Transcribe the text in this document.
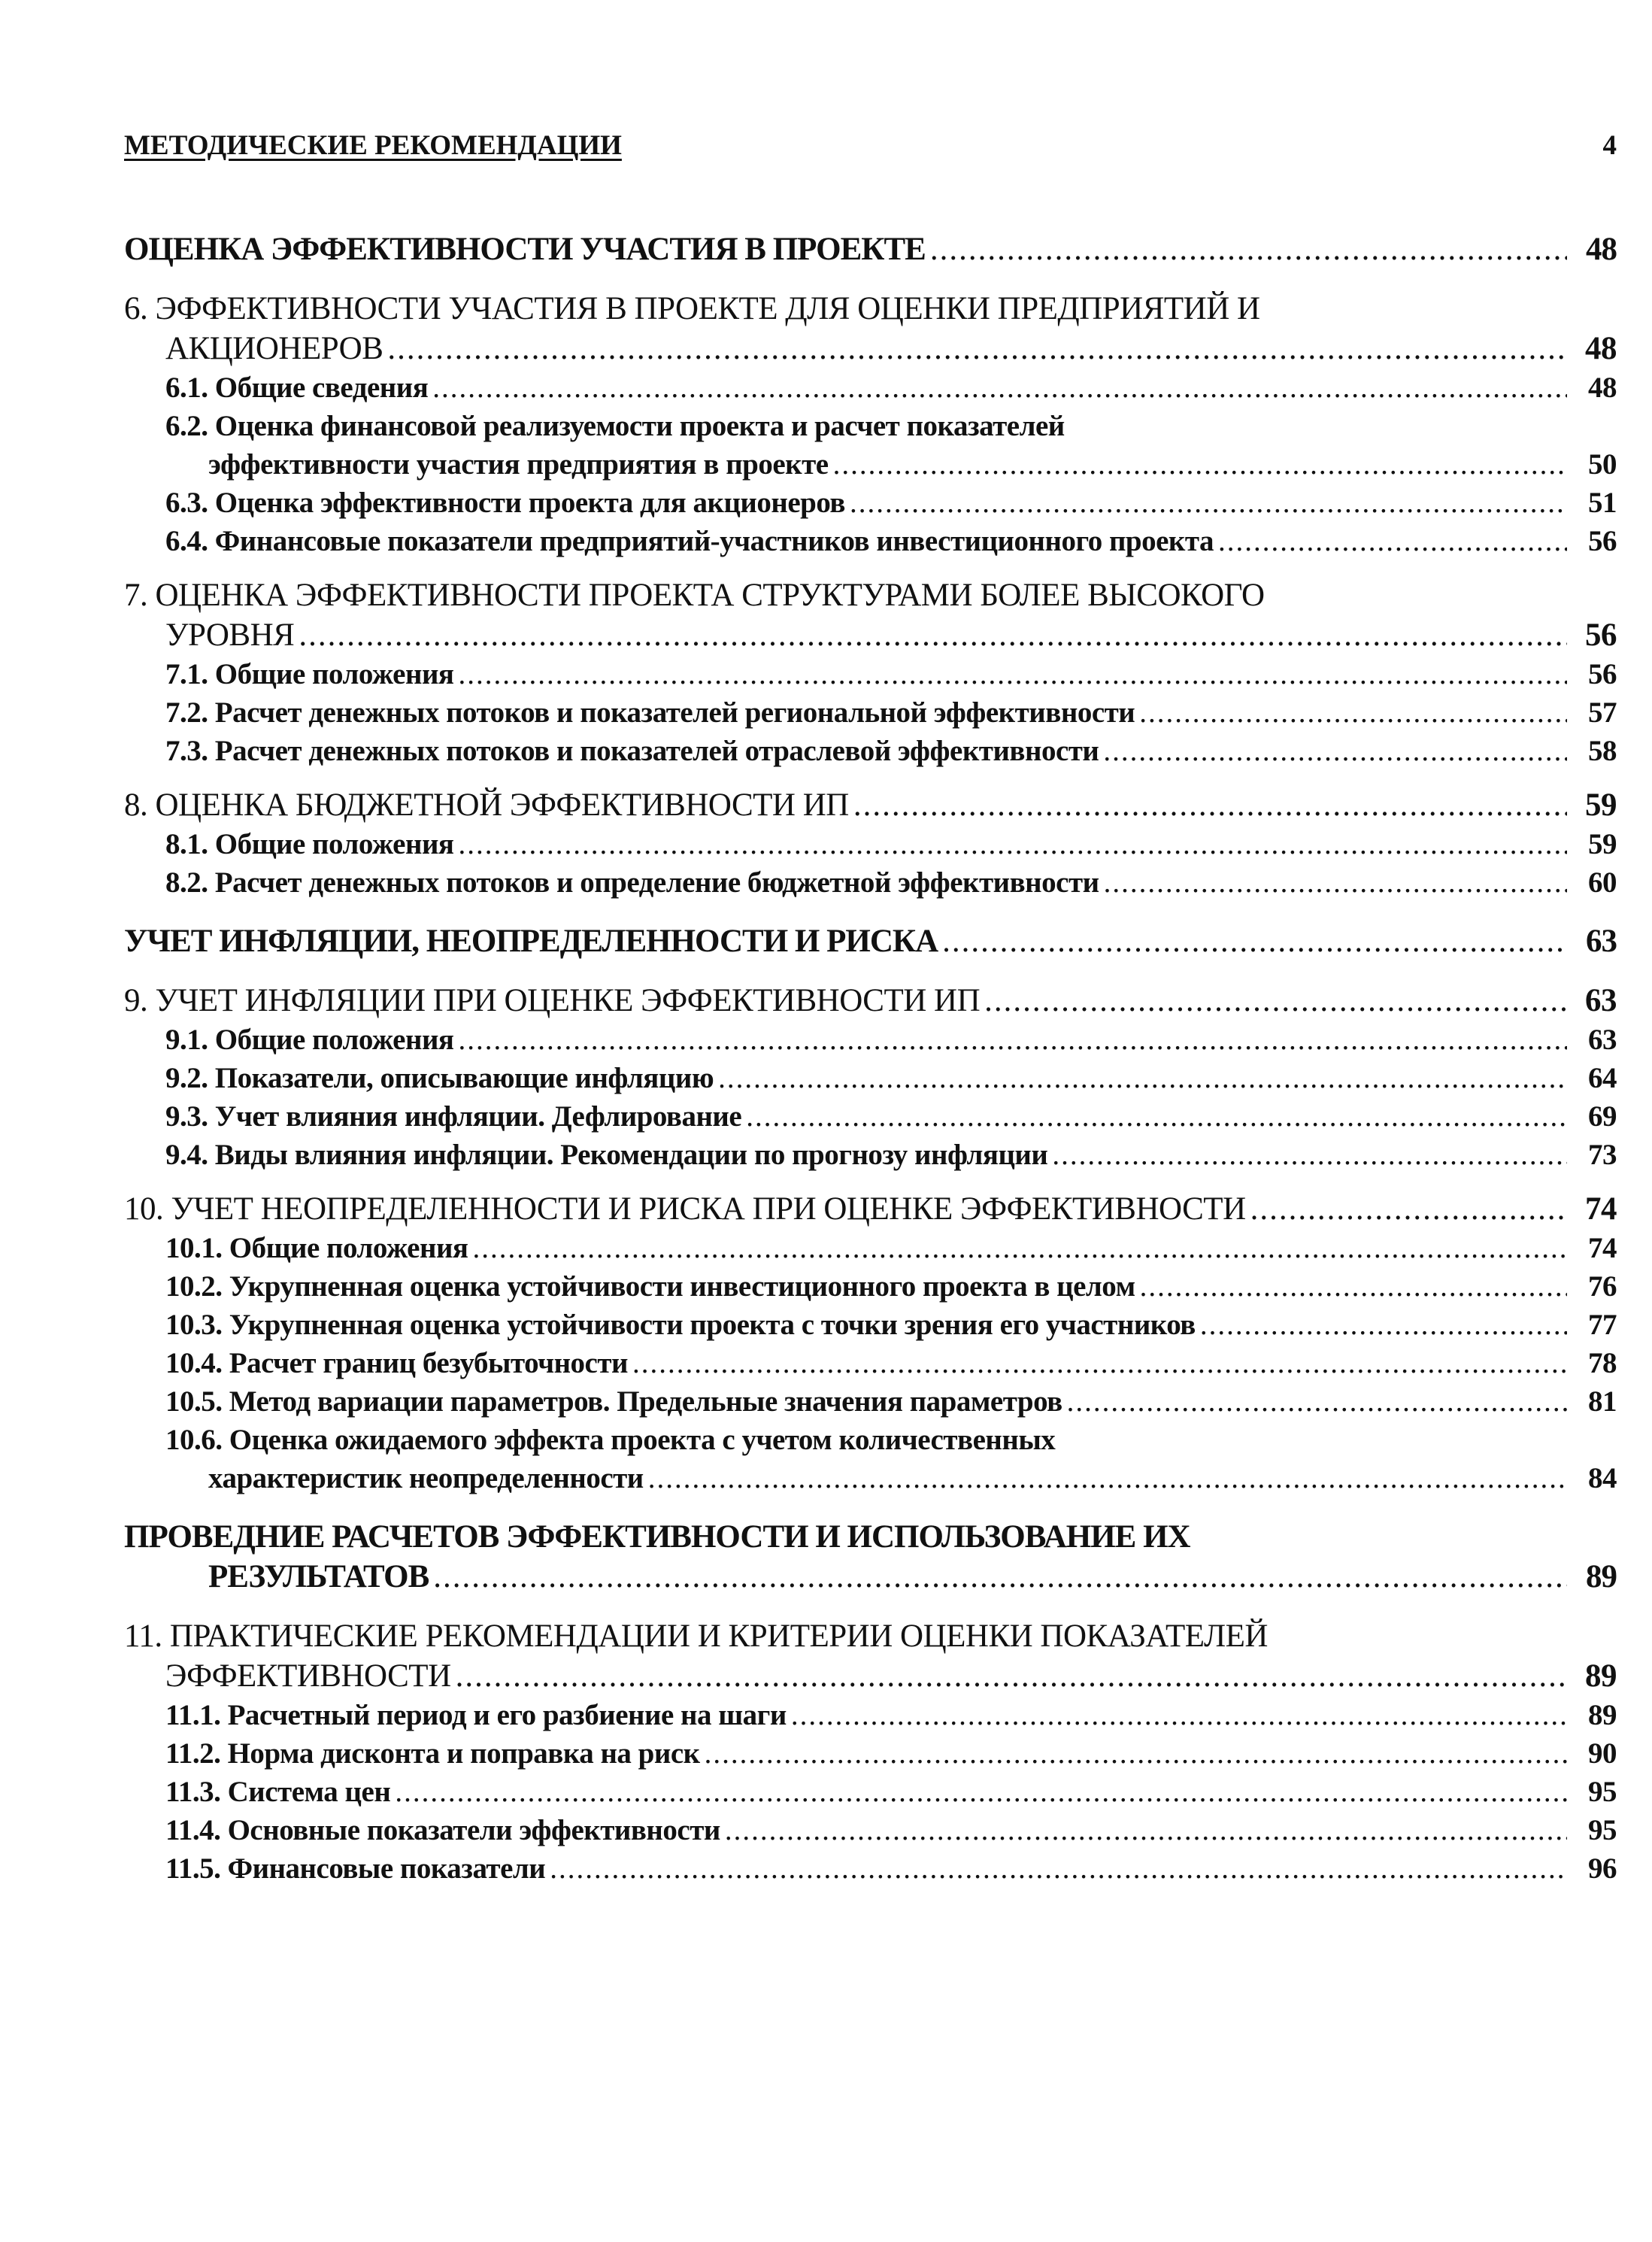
МЕТОДИЧЕСКИЕ РЕКОМЕНДАЦИИ	4
ОЦЕНКА ЭФФЕКТИВНОСТИ УЧАСТИЯ В ПРОЕКТЕ .....	48
6. ЭФФЕКТИВНОСТИ УЧАСТИЯ В ПРОЕКТЕ ДЛЯ ОЦЕНКИ ПРЕДПРИЯТИЙ И
АКЦИОНЕРОВ .....	48
6.1. Общие сведения .....	48
6.2. Оценка финансовой реализуемости проекта и расчет показателей
эффективности участия предприятия в проекте .....	50
6.3. Оценка эффективности проекта для акционеров .....	51
6.4. Финансовые показатели предприятий-участников инвестиционного проекта .....	56
7. ОЦЕНКА ЭФФЕКТИВНОСТИ ПРОЕКТА СТРУКТУРАМИ БОЛЕЕ ВЫСОКОГО
УРОВНЯ .....	56
7.1. Общие положения .....	56
7.2. Расчет денежных потоков и показателей региональной эффективности .....	57
7.3. Расчет денежных потоков и показателей отраслевой эффективности .....	58
8. ОЦЕНКА БЮДЖЕТНОЙ ЭФФЕКТИВНОСТИ ИП .....	59
8.1. Общие положения .....	59
8.2. Расчет денежных потоков и определение бюджетной эффективности .....	60
УЧЕТ ИНФЛЯЦИИ, НЕОПРЕДЕЛЕННОСТИ И РИСКА .....	63
9. УЧЕТ ИНФЛЯЦИИ ПРИ ОЦЕНКЕ ЭФФЕКТИВНОСТИ ИП .....	63
9.1. Общие положения .....	63
9.2. Показатели, описывающие инфляцию .....	64
9.3. Учет влияния инфляции. Дефлирование .....	69
9.4. Виды влияния инфляции. Рекомендации по прогнозу инфляции .....	73
10. УЧЕТ НЕОПРЕДЕЛЕННОСТИ И РИСКА ПРИ ОЦЕНКЕ ЭФФЕКТИВНОСТИ .....	74
10.1. Общие положения .....	74
10.2. Укрупненная оценка устойчивости инвестиционного проекта в целом .....	76
10.3. Укрупненная оценка устойчивости проекта с точки зрения его участников .....	77
10.4. Расчет границ безубыточности .....	78
10.5. Метод вариации параметров. Предельные значения параметров .....	81
10.6. Оценка ожидаемого эффекта проекта с учетом количественных
характеристик неопределенности .....	84
ПРОВЕДНИЕ РАСЧЕТОВ ЭФФЕКТИВНОСТИ И ИСПОЛЬЗОВАНИЕ ИХ
РЕЗУЛЬТАТОВ .....	89
11. ПРАКТИЧЕСКИЕ РЕКОМЕНДАЦИИ И КРИТЕРИИ ОЦЕНКИ ПОКАЗАТЕЛЕЙ
ЭФФЕКТИВНОСТИ .....	89
11.1. Расчетный период и его разбиение на шаги .....	89
11.2. Норма дисконта и поправка на риск .....	90
11.3. Система цен .....	95
11.4. Основные показатели эффективности .....	95
11.5. Финансовые показатели .....	96
